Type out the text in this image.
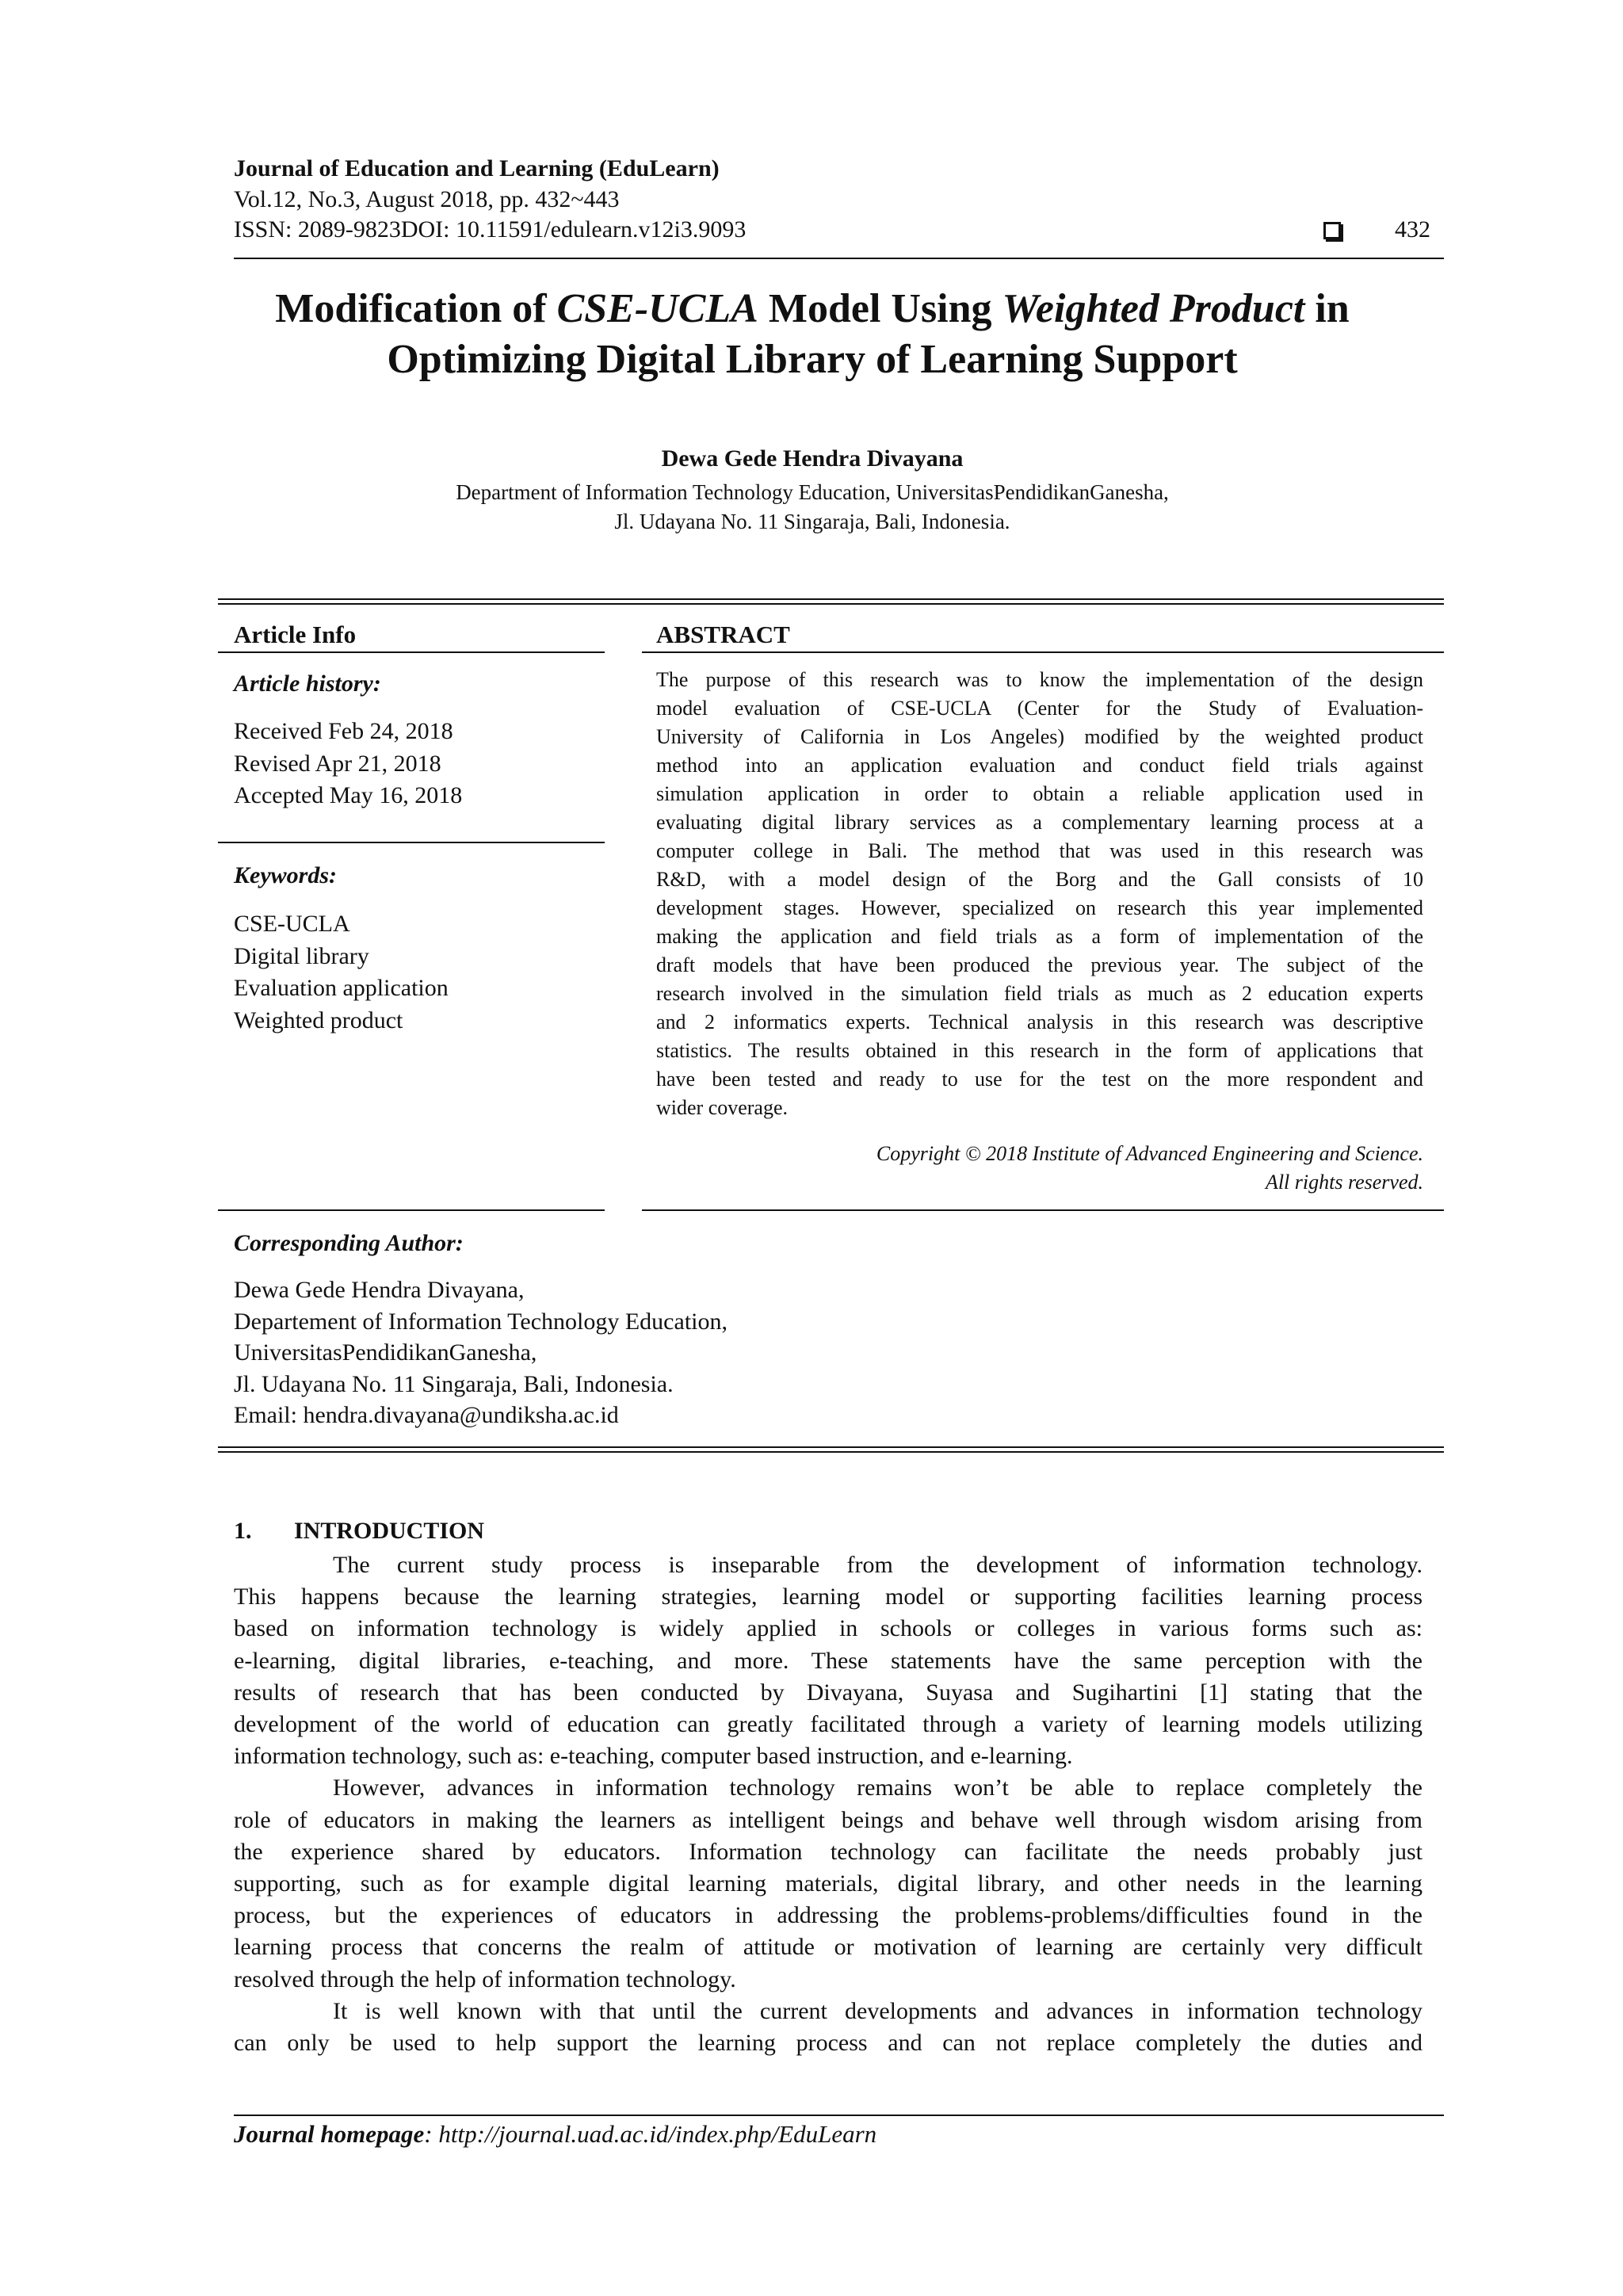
Journal of Education and Learning (EduLearn)
Vol.12, No.3, August 2018, pp. 432~443
ISSN: 2089-9823DOI: 10.11591/edulearn.v12i3.9093	432
Modification of CSE-UCLA Model Using Weighted Product in
Optimizing Digital Library of Learning Support
Dewa Gede Hendra Divayana
Department of Information Technology Education, UniversitasPendidikanGanesha,
Jl. Udayana No. 11 Singaraja, Bali, Indonesia.
Article Info
Article history:
Received Feb 24, 2018
Revised Apr 21, 2018
Accepted May 16, 2018
Keywords:
CSE-UCLA
Digital library
Evaluation application
Weighted product
ABSTRACT
The purpose of this research was to know the implementation of the design
model evaluation of CSE-UCLA (Center for the Study of Evaluation-
University of California in Los Angeles) modified by the weighted product
method into an application evaluation and conduct field trials against
simulation application in order to obtain a reliable application used in
evaluating digital library services as a complementary learning process at a
computer college in Bali. The method that was used in this research was
R&D, with a model design of the Borg and the Gall consists of 10
development stages. However, specialized on research this year implemented
making the application and field trials as a form of implementation of the
draft models that have been produced the previous year. The subject of the
research involved in the simulation field trials as much as 2 education experts
and 2 informatics experts. Technical analysis in this research was descriptive
statistics. The results obtained in this research in the form of applications that
have been tested and ready to use for the test on the more respondent and
wider coverage.
Copyright © 2018 Institute of Advanced Engineering and Science.
All rights reserved.
Corresponding Author:
Dewa Gede Hendra Divayana,
Departement of Information Technology Education,
UniversitasPendidikanGanesha,
Jl. Udayana No. 11 Singaraja, Bali, Indonesia.
Email: hendra.divayana@undiksha.ac.id
1. INTRODUCTION
The current study process is inseparable from the development of information technology.
This happens because the learning strategies, learning model or supporting facilities learning process
based on information technology is widely applied in schools or colleges in various forms such as:
e-learning, digital libraries, e-teaching, and more. These statements have the same perception with the
results of research that has been conducted by Divayana, Suyasa and Sugihartini [1] stating that the
development of the world of education can greatly facilitated through a variety of learning models utilizing
information technology, such as: e-teaching, computer based instruction, and e-learning.
However, advances in information technology remains won’t be able to replace completely the
role of educators in making the learners as intelligent beings and behave well through wisdom arising from
the experience shared by educators. Information technology can facilitate the needs probably just
supporting, such as for example digital learning materials, digital library, and other needs in the learning
process, but the experiences of educators in addressing the problems-problems/difficulties found in the
learning process that concerns the realm of attitude or motivation of learning are certainly very difficult
resolved through the help of information technology.
It is well known with that until the current developments and advances in information technology
can only be used to help support the learning process and can not replace completely the duties and
Journal homepage: http://journal.uad.ac.id/index.php/EduLearn
